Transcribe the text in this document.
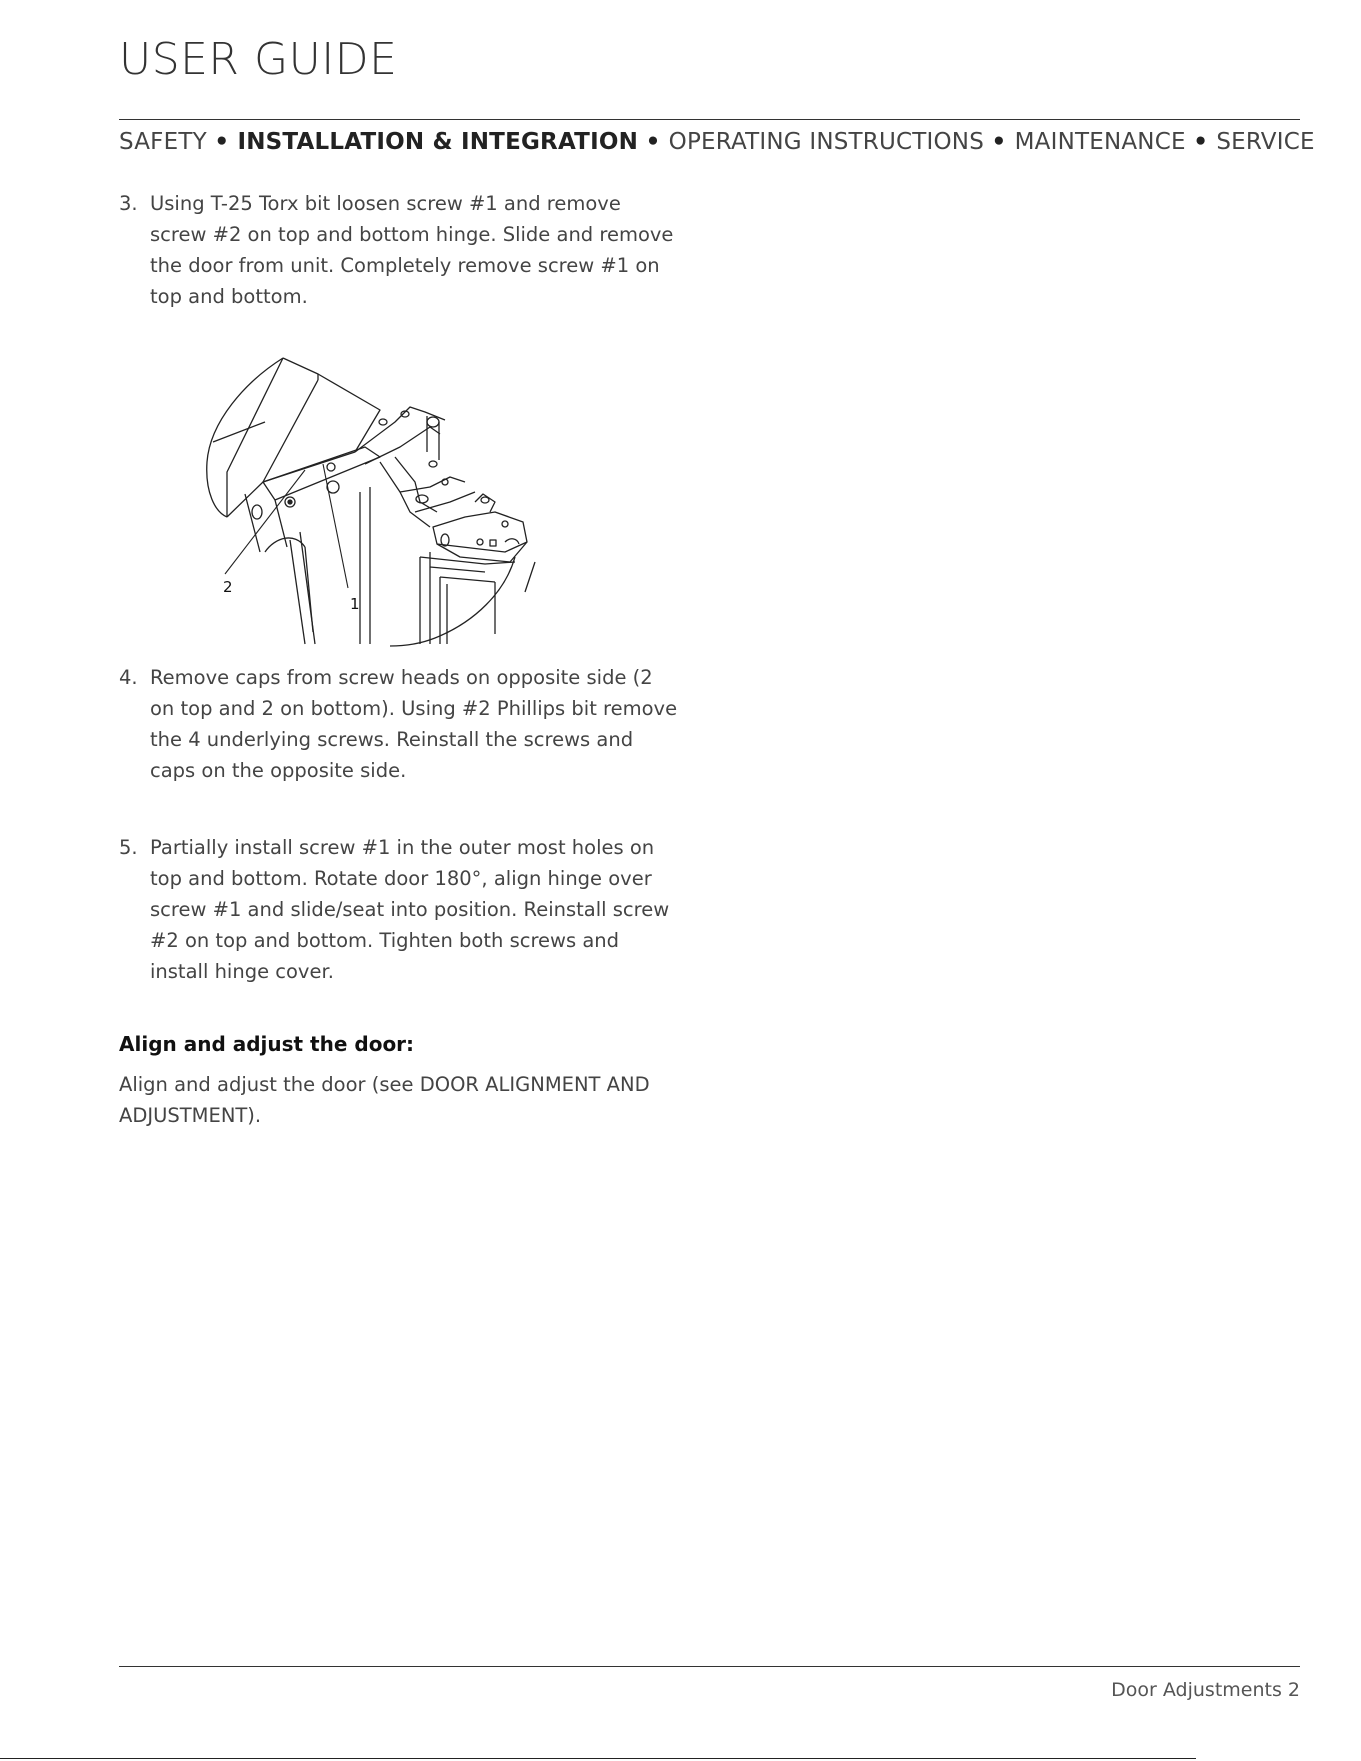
USER GUIDE
SAFETY • INSTALLATION & INTEGRATION • OPERATING INSTRUCTIONS • MAINTENANCE • SERVICE
3. Using T-25 Torx bit loosen screw #1 and remove screw #2 on top and bottom hinge. Slide and remove the door from unit. Completely remove screw #1 on top and bottom.
2
1
4. Remove caps from screw heads on opposite side (2 on top and 2 on bottom). Using #2 Phillips bit remove the 4 underlying screws. Reinstall the screws and caps on the opposite side.
5. Partially install screw #1 in the outer most holes on top and bottom. Rotate door 180°, align hinge over screw #1 and slide/seat into position. Reinstall screw #2 on top and bottom. Tighten both screws and install hinge cover.
Align and adjust the door:
Align and adjust the door (see DOOR ALIGNMENT AND ADJUSTMENT).
Door Adjustments 2
